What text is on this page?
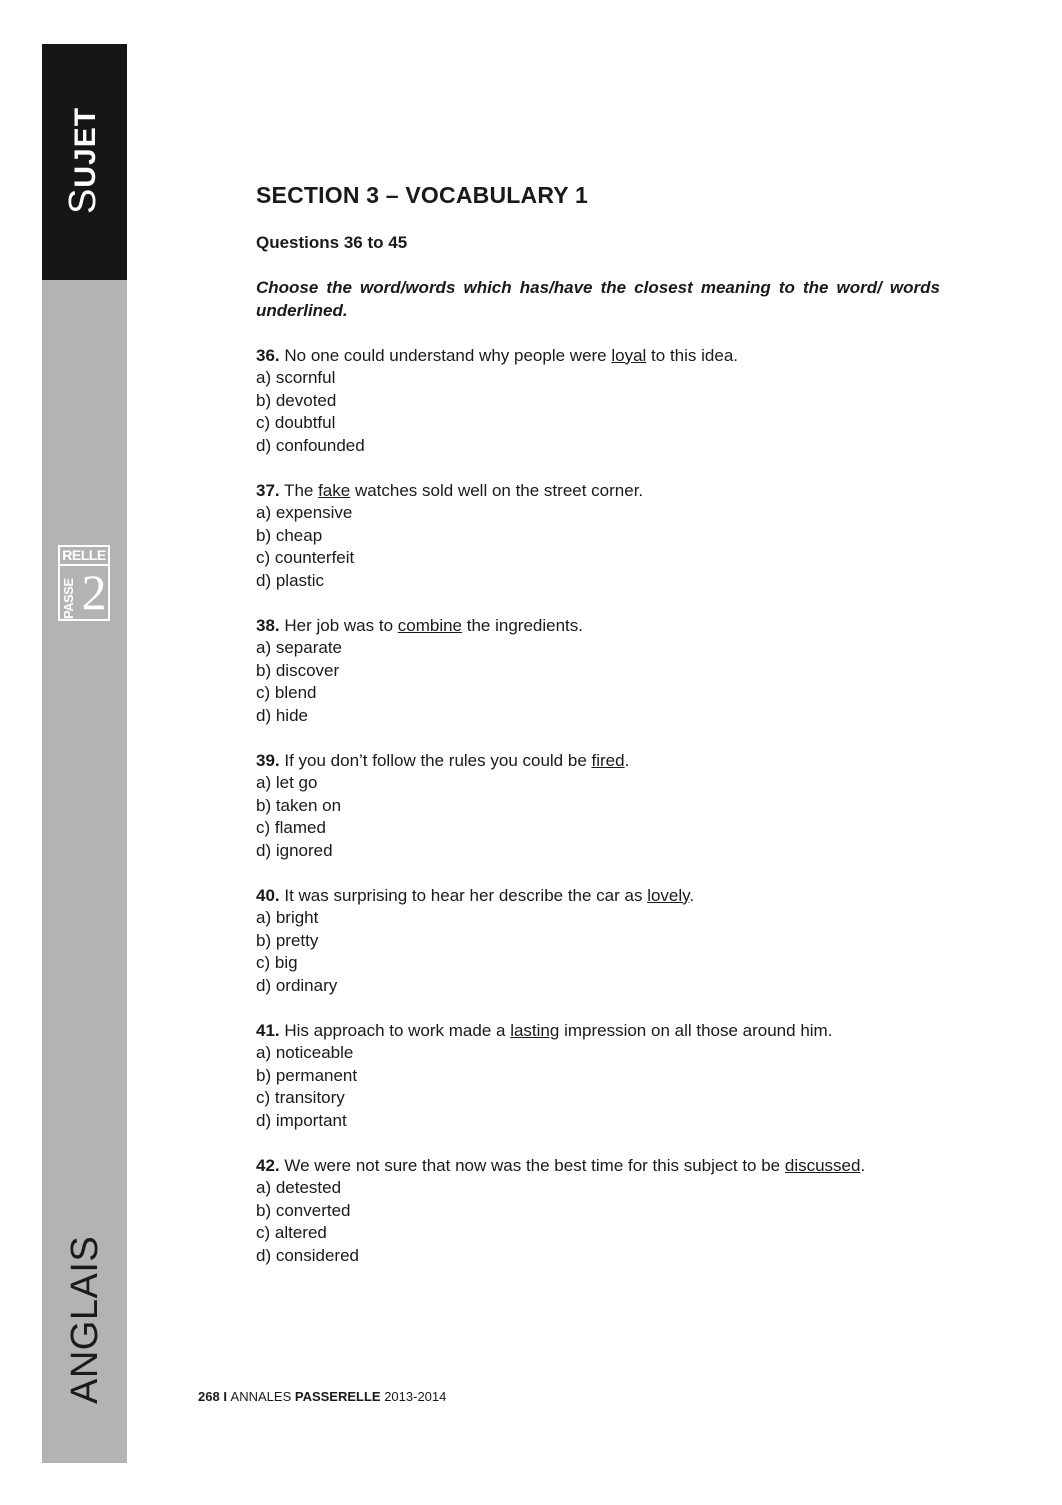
SUJET
RELLE
PASSE 2
ANGLAIS
SECTION 3 – VOCABULARY 1
Questions 36 to 45
Choose the word/words which has/have the closest meaning to the word/ words underlined.

36. No one could understand why people were loyal to this idea.

a) scornful

b) devoted

c) doubtful

d) confounded

37. The fake watches sold well on the street corner.

a) expensive

b) cheap

c) counterfeit

d) plastic

38. Her job was to combine the ingredients.

a) separate

b) discover

c) blend

d) hide

39. If you don’t follow the rules you could be fired.

a) let go

b) taken on

c) flamed

d) ignored

40. It was surprising to hear her describe the car as lovely.

a) bright

b) pretty

c) big

d) ordinary

41. His approach to work made a lasting impression on all those around him.

a) noticeable

b) permanent

c) transitory

d) important

42. We were not sure that now was the best time for this subject to be discussed.

a) detested

b) converted

c) altered

d) considered

268 I ANNALES PASSERELLE 2013-2014
